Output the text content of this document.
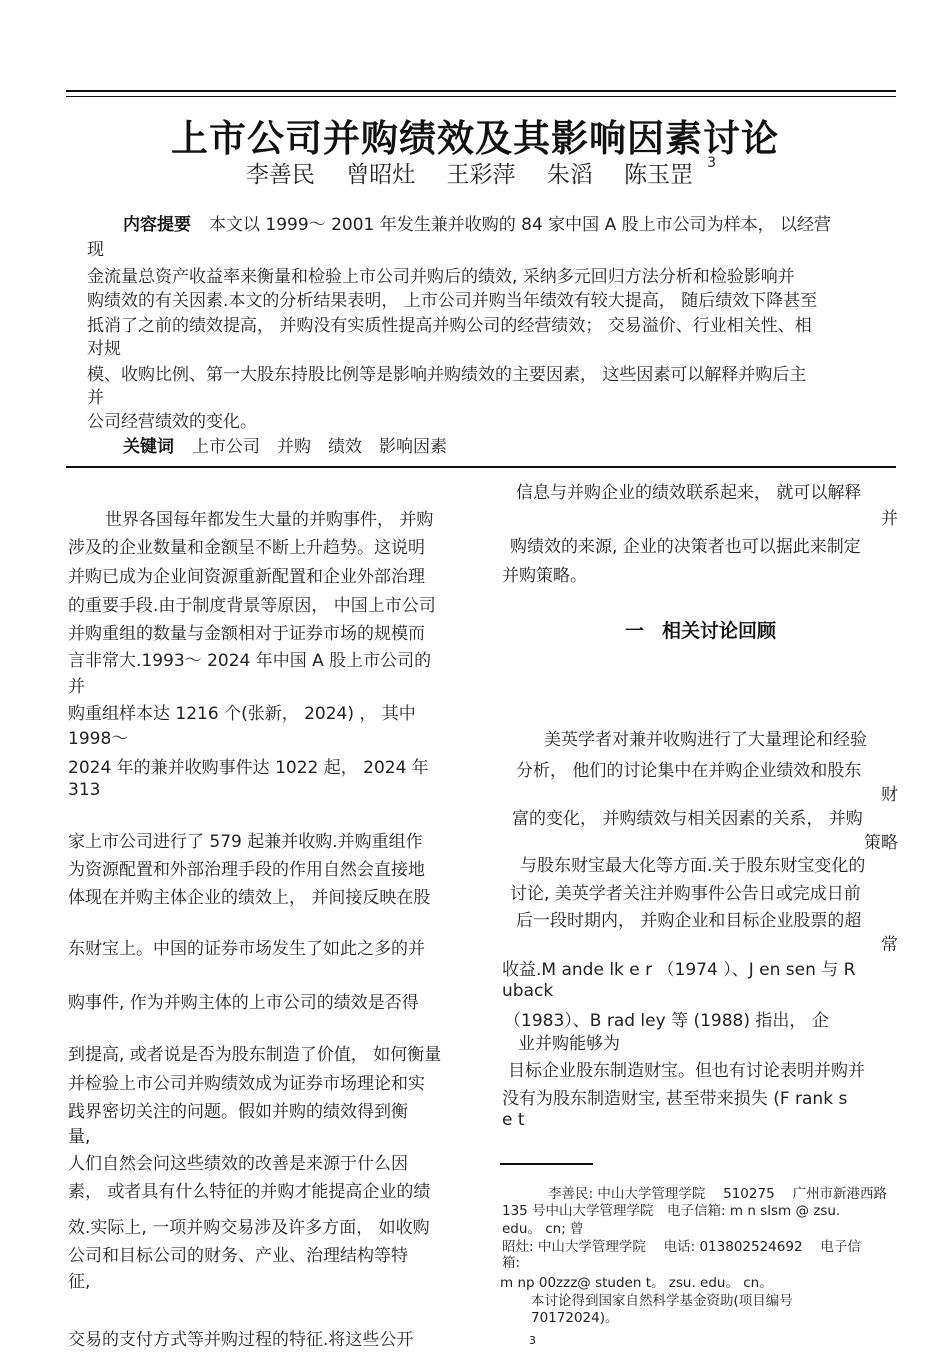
上市公司并购绩效及其影响因素讨论
李善民 曾昭灶 王彩萍 朱滔 陈玉罡 $^3$
内容提要 本文以 1999～ 2001 年发生兼并收购的 84 家中国 A 股上市公司为样本， 以经营
现
金流量总资产收益率来衡量和检验上市公司并购后的绩效, 采纳多元回归方法分析和检验影响并
购绩效的有关因素.本文的分析结果表明， 上市公司并购当年绩效有较大提高， 随后绩效下降甚至
抵消了之前的绩效提高， 并购没有实质性提高并购公司的经营绩效； 交易溢价、行业相关性、相
对规
模、收购比例、第一大股东持股比例等是影响并购绩效的主要因素， 这些因素可以解释并购后主
并
公司经营绩效的变化。
关键词 上市公司　并购　绩效　影响因素
世界各国每年都发生大量的并购事件， 并购
涉及的企业数量和金额呈不断上升趋势。这说明
并购已成为企业间资源重新配置和企业外部治理
的重要手段.由于制度背景等原因， 中国上市公司
并购重组的数量与金额相对于证券市场的规模而
言非常大.1993～ 2024 年中国 A 股上市公司的
并
购重组样本达 1216 个(张新， 2024) ， 其中
1998～
2024 年的兼并收购事件达 1022 起， 2024 年
313
家上市公司进行了 579 起兼并收购.并购重组作
为资源配置和外部治理手段的作用自然会直接地
体现在并购主体企业的绩效上， 并间接反映在股
东财宝上。中国的证券市场发生了如此之多的并
购事件, 作为并购主体的上市公司的绩效是否得
到提高, 或者说是否为股东制造了价值， 如何衡量
并检验上市公司并购绩效成为证券市场理论和实
践界密切关注的问题。假如并购的绩效得到衡
量,
人们自然会问这些绩效的改善是来源于什么因
素， 或者具有什么特征的并购才能提高企业的绩
效.实际上, 一项并购交易涉及许多方面， 如收购
公司和目标公司的财务、产业、治理结构等特
征,
交易的支付方式等并购过程的特征.将这些公开
信息与并购企业的绩效联系起来， 就可以解释
并
购绩效的来源, 企业的决策者也可以据此来制定
并购策略。
一 相关讨论回顾
美英学者对兼并收购进行了大量理论和经验
分析， 他们的讨论集中在并购企业绩效和股东
财
富的变化， 并购绩效与相关因素的关系， 并购
策略
与股东财宝最大化等方面.关于股东财宝变化的
讨论, 美英学者关注并购事件公告日或完成日前
后一段时期内， 并购企业和目标企业股票的超
常
收益.M ande lk e r （1974 ）、J en sen 与 R
uback
（1983）、B rad ley 等 (1988) 指出， 企
业并购能够为
目标企业股东制造财宝。但也有讨论表明并购并
没有为股东制造财宝, 甚至带来损失 (F rank s
e t
李善民: 中山大学管理学院　 510275　 广州市新港西路
135 号中山大学管理学院　电子信箱: m n slsm @ zsu.
edu。 cn; 曾
昭灶: 中山大学管理学院　 电话: 013802524692　 电子信
箱:
m np 00zzz@ studen t。 zsu. edu。 cn。
本讨论得到国家自然科学基金资助(项目编号
70172024)。
3
